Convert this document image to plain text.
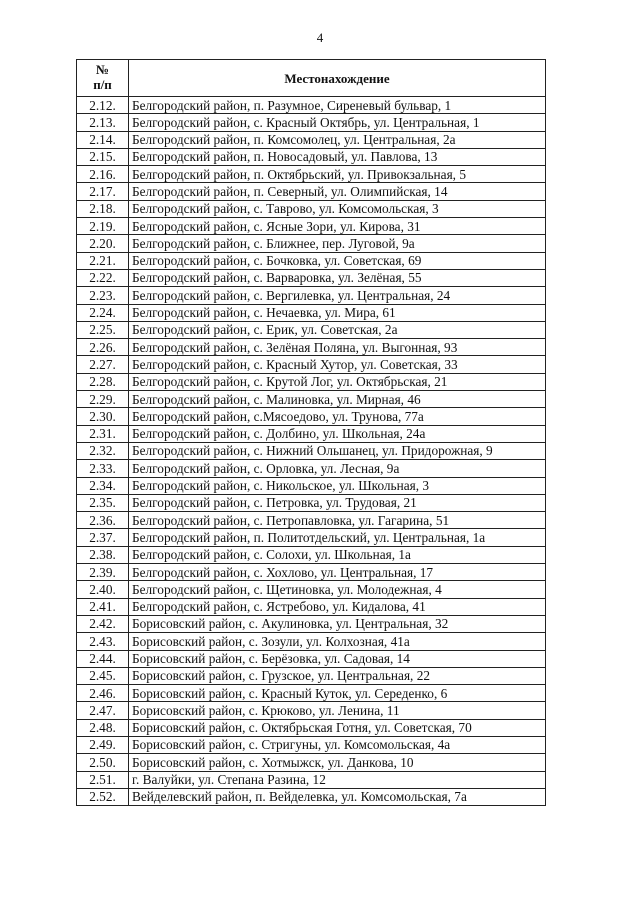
4
№
п/п	Местонахождение
2.12.	Белгородский район, п. Разумное, Сиреневый бульвар, 1
2.13.	Белгородский район, с. Красный Октябрь, ул. Центральная, 1
2.14.	Белгородский район, п. Комсомолец, ул. Центральная, 2а
2.15.	Белгородский район, п. Новосадовый, ул. Павлова, 13
2.16.	Белгородский район, п. Октябрьский, ул. Привокзальная, 5
2.17.	Белгородский район, п. Северный, ул. Олимпийская, 14
2.18.	Белгородский район, с. Таврово, ул. Комсомольская, 3
2.19.	Белгородский район, с. Ясные Зори, ул. Кирова, 31
2.20.	Белгородский район, с. Ближнее, пер. Луговой, 9а
2.21.	Белгородский район, с. Бочковка, ул. Советская, 69
2.22.	Белгородский район, с. Варваровка, ул. Зелёная, 55
2.23.	Белгородский район, с. Вергилевка, ул. Центральная, 24
2.24.	Белгородский район, с. Нечаевка, ул. Мира, 61
2.25.	Белгородский район, с. Ерик, ул. Советская, 2а
2.26.	Белгородский район, с. Зелёная Поляна, ул. Выгонная, 93
2.27.	Белгородский район, с. Красный Хутор, ул. Советская, 33
2.28.	Белгородский район, с. Крутой Лог, ул. Октябрьская, 21
2.29.	Белгородский район, с. Малиновка, ул. Мирная, 46
2.30.	Белгородский район, с.Мясоедово, ул. Трунова, 77а
2.31.	Белгородский район, с. Долбино, ул. Школьная, 24а
2.32.	Белгородский район, с. Нижний Ольшанец, ул. Придорожная, 9
2.33.	Белгородский район, с. Орловка, ул. Лесная, 9а
2.34.	Белгородский район, с. Никольское, ул. Школьная, 3
2.35.	Белгородский район, с. Петровка, ул. Трудовая, 21
2.36.	Белгородский район, с. Петропавловка, ул. Гагарина, 51
2.37.	Белгородский район, п. Политотдельский, ул. Центральная, 1а
2.38.	Белгородский район, с. Солохи, ул. Школьная, 1а
2.39.	Белгородский район, с. Хохлово, ул. Центральная, 17
2.40.	Белгородский район, с. Щетиновка, ул. Молодежная, 4
2.41.	Белгородский район, с. Ястребово, ул. Кидалова, 41
2.42.	Борисовский район, с. Акулиновка, ул. Центральная, 32
2.43.	Борисовский район, с. Зозули, ул. Колхозная, 41а
2.44.	Борисовский район, с. Берёзовка, ул. Садовая, 14
2.45.	Борисовский район, с. Грузское, ул. Центральная, 22
2.46.	Борисовский район, с. Красный Куток, ул. Середенко, 6
2.47.	Борисовский район, с. Крюково, ул. Ленина, 11
2.48.	Борисовский район, с. Октябрьская Готня, ул. Советская, 70
2.49.	Борисовский район, с. Стригуны, ул. Комсомольская, 4а
2.50.	Борисовский район, с. Хотмыжск, ул. Данкова, 10
2.51.	г. Валуйки, ул. Степана Разина, 12
2.52.	Вейделевский район, п. Вейделевка, ул. Комсомольская, 7а
